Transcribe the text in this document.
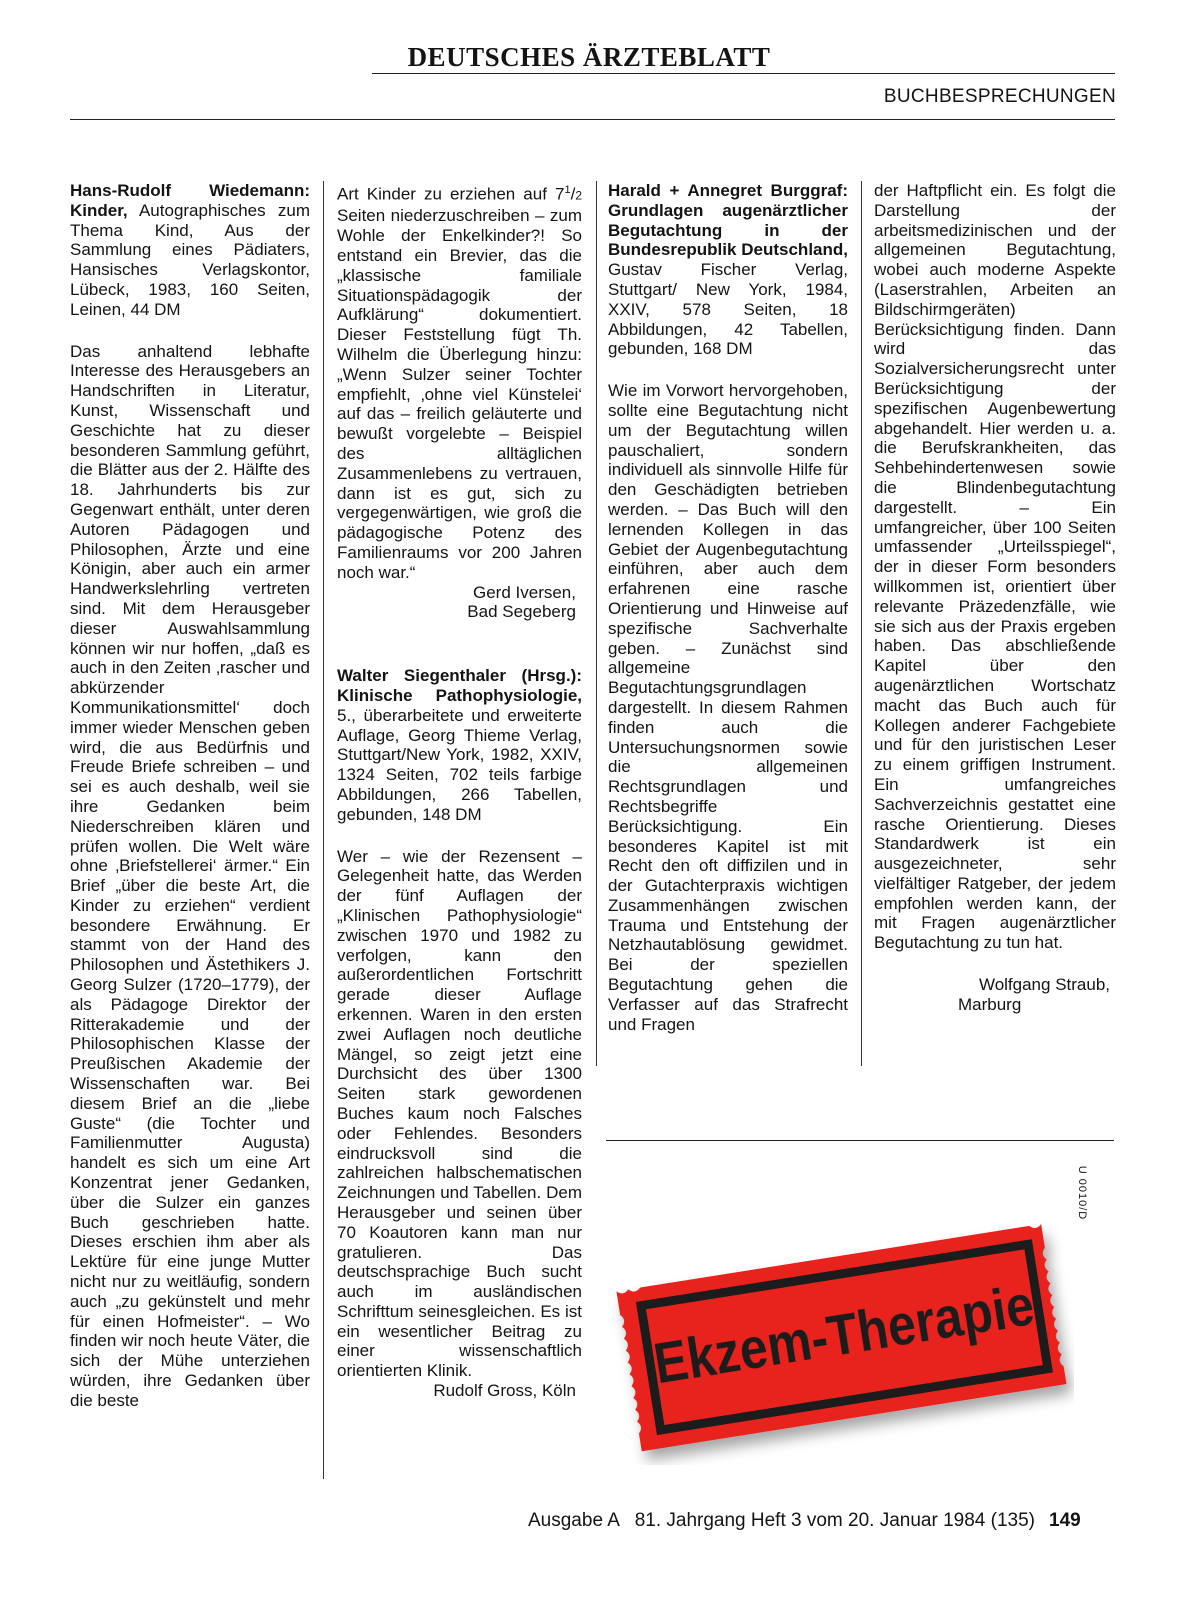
DEUTSCHES ÄRZTEBLATT
BUCHBESPRECHUNGEN

Hans-Rudolf Wiedemann: Kinder, Autographisches zum Thema Kind, Aus der Sammlung eines Pädiaters, Hansisches Verlagskontor, Lübeck, 1983, 160 Seiten, Leinen, 44 DM

Das anhaltend lebhafte Interesse des Herausgebers an Handschriften in Literatur, Kunst, Wissenschaft und Geschichte hat zu dieser besonderen Sammlung geführt, die Blätter aus der 2. Hälfte des 18. Jahrhunderts bis zur Gegenwart enthält, unter deren Autoren Pädagogen und Philosophen, Ärzte und eine Königin, aber auch ein armer Handwerkslehrling vertreten sind. Mit dem Herausgeber dieser Auswahlsammlung können wir nur hoffen, „daß es auch in den Zeiten ‚rascher und abkürzender Kommunikationsmittel‘ doch immer wieder Menschen geben wird, die aus Bedürfnis und Freude Briefe schreiben – und sei es auch deshalb, weil sie ihre Gedanken beim Niederschreiben klären und prüfen wollen. Die Welt wäre ohne ‚Briefstellerei‘ ärmer.“ Ein Brief „über die beste Art, die Kinder zu erziehen“ verdient besondere Erwähnung. Er stammt von der Hand des Philosophen und Ästethikers J. Georg Sulzer (1720–1779), der als Pädagoge Direktor der Ritterakademie und der Philosophischen Klasse der Preußischen Akademie der Wissenschaften war. Bei diesem Brief an die „liebe Guste“ (die Tochter und Familienmutter Augusta) handelt es sich um eine Art Konzentrat jener Gedanken, über die Sulzer ein ganzes Buch geschrieben hatte. Dieses erschien ihm aber als Lektüre für eine junge Mutter nicht nur zu weitläufig, sondern auch „zu gekünstelt und mehr für einen Hofmeister“. – Wo finden wir noch heute Väter, die sich der Mühe unterziehen würden, ihre Gedanken über die beste

Art Kinder zu erziehen auf $7^1/2$ Seiten niederzuschreiben – zum Wohle der Enkelkinder?! So entstand ein Brevier, das die „klassische familiale Situationspädagogik der Aufklärung“ dokumentiert. Dieser Feststellung fügt Th. Wilhelm die Überlegung hinzu: „Wenn Sulzer seiner Tochter empfiehlt, ‚ohne viel Künstelei‘ auf das – freilich geläuterte und bewußt vorgelebte – Beispiel des alltäglichen Zusammenlebens zu vertrauen, dann ist es gut, sich zu vergegenwärtigen, wie groß die pädagogische Potenz des Familienraums vor 200 Jahren noch war.“

Gerd Iversen,

Bad Segeberg

Walter Siegenthaler (Hrsg.): Klinische Pathophysiologie, 5., überarbeitete und erweiterte Auflage, Georg Thieme Verlag, Stuttgart/New York, 1982, XXIV, 1324 Seiten, 702 teils farbige Abbildungen, 266 Tabellen, gebunden, 148 DM

Wer – wie der Rezensent – Gelegenheit hatte, das Werden der fünf Auflagen der „Klinischen Pathophysiologie“ zwischen 1970 und 1982 zu verfolgen, kann den außerordentlichen Fortschritt gerade dieser Auflage erkennen. Waren in den ersten zwei Auflagen noch deutliche Mängel, so zeigt jetzt eine Durchsicht des über 1300 Seiten stark gewordenen Buches kaum noch Falsches oder Fehlendes. Besonders eindrucksvoll sind die zahlreichen halbschematischen Zeichnungen und Tabellen. Dem Herausgeber und seinen über 70 Koautoren kann man nur gratulieren. Das deutschsprachige Buch sucht auch im ausländischen Schrifttum seinesgleichen. Es ist ein wesentlicher Beitrag zu einer wissenschaftlich orientierten Klinik.

Rudolf Gross, Köln

Harald + Annegret Burggraf: Grundlagen augenärztlicher Begutachtung in der Bundesrepublik Deutschland, Gustav Fischer Verlag, Stuttgart/ New York, 1984, XXIV, 578 Seiten, 18 Abbildungen, 42 Tabellen, gebunden, 168 DM

Wie im Vorwort hervorgehoben, sollte eine Begutachtung nicht um der Begutachtung willen pauschaliert, sondern individuell als sinnvolle Hilfe für den Geschädigten betrieben werden. – Das Buch will den lernenden Kollegen in das Gebiet der Augenbegutachtung einführen, aber auch dem erfahrenen eine rasche Orientierung und Hinweise auf spezifische Sachverhalte geben. – Zunächst sind allgemeine Begutachtungsgrundlagen dargestellt. In diesem Rahmen finden auch die Untersuchungsnormen sowie die allgemeinen Rechtsgrundlagen und Rechtsbegriffe Berücksichtigung. Ein besonderes Kapitel ist mit Recht den oft diffizilen und in der Gutachterpraxis wichtigen Zusammenhängen zwischen Trauma und Entstehung der Netzhautablösung gewidmet. Bei der speziellen Begutachtung gehen die Verfasser auf das Strafrecht und Fragen

der Haftpflicht ein. Es folgt die Darstellung der arbeitsmedizinischen und der allgemeinen Begutachtung, wobei auch moderne Aspekte (Laserstrahlen, Arbeiten an Bildschirmgeräten) Berücksichtigung finden. Dann wird das Sozialversicherungsrecht unter Berücksichtigung der spezifischen Augenbewertung abgehandelt. Hier werden u. a. die Berufskrankheiten, das Sehbehindertenwesen sowie die Blindenbegutachtung dargestellt. – Ein umfangreicher, über 100 Seiten umfassender „Urteilsspiegel“, der in dieser Form besonders willkommen ist, orientiert über relevante Präzedenzfälle, wie sie sich aus der Praxis ergeben haben. Das abschließende Kapitel über den augenärztlichen Wortschatz macht das Buch auch für Kollegen anderer Fachgebiete und für den juristischen Leser zu einem griffigen Instrument. Ein umfangreiches Sachverzeichnis gestattet eine rasche Orientierung. Dieses Standardwerk ist ein ausgezeichneter, sehr vielfältiger Ratgeber, der jedem empfohlen werden kann, der mit Fragen augenärztlicher Begutachtung zu tun hat.

Wolfgang Straub,

Marburg

U 0010/D
Ekzem-Therapie
Ausgabe A   81. Jahrgang Heft 3 vom 20. Januar 1984 (135) 149
